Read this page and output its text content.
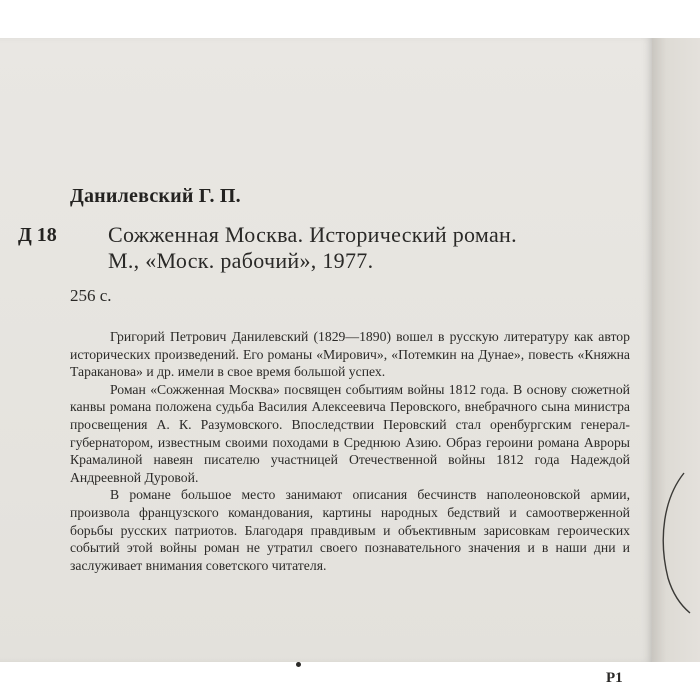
Данилевский Г. П.
Д 18 Сожженная Москва. Исторический роман.
М., «Моск. рабочий», 1977.
256 с.

Григорий Петрович Данилевский (1829—1890) вошел в русскую литературу как автор исторических произведений. Его романы «Мирович», «Потемкин на Дунае», повесть «Княжна Тараканова» и др. имели в свое время большой успех.

Роман «Сожженная Москва» посвящен событиям войны 1812 года. В основу сюжетной канвы романа положена судьба Василия Алексеевича Перовского, внебрачного сына министра просвещения А. К. Разумовского. Впоследствии Перовский стал оренбургским генерал-губернатором, известным своими походами в Среднюю Азию. Образ героини романа Авроры Крамалиной навеян писателю участницей Отечественной войны 1812 года Надеждой Андреевной Дуровой.

В романе большое место занимают описания бесчинств наполеоновской армии, произвола французского командования, картины народных бедствий и самоотверженной борьбы русских патриотов. Благодаря правдивым и объективным зарисовкам героических событий этой войны роман не утратил своего познавательного значения и в наши дни и заслуживает внимания советского читателя.

Р1
